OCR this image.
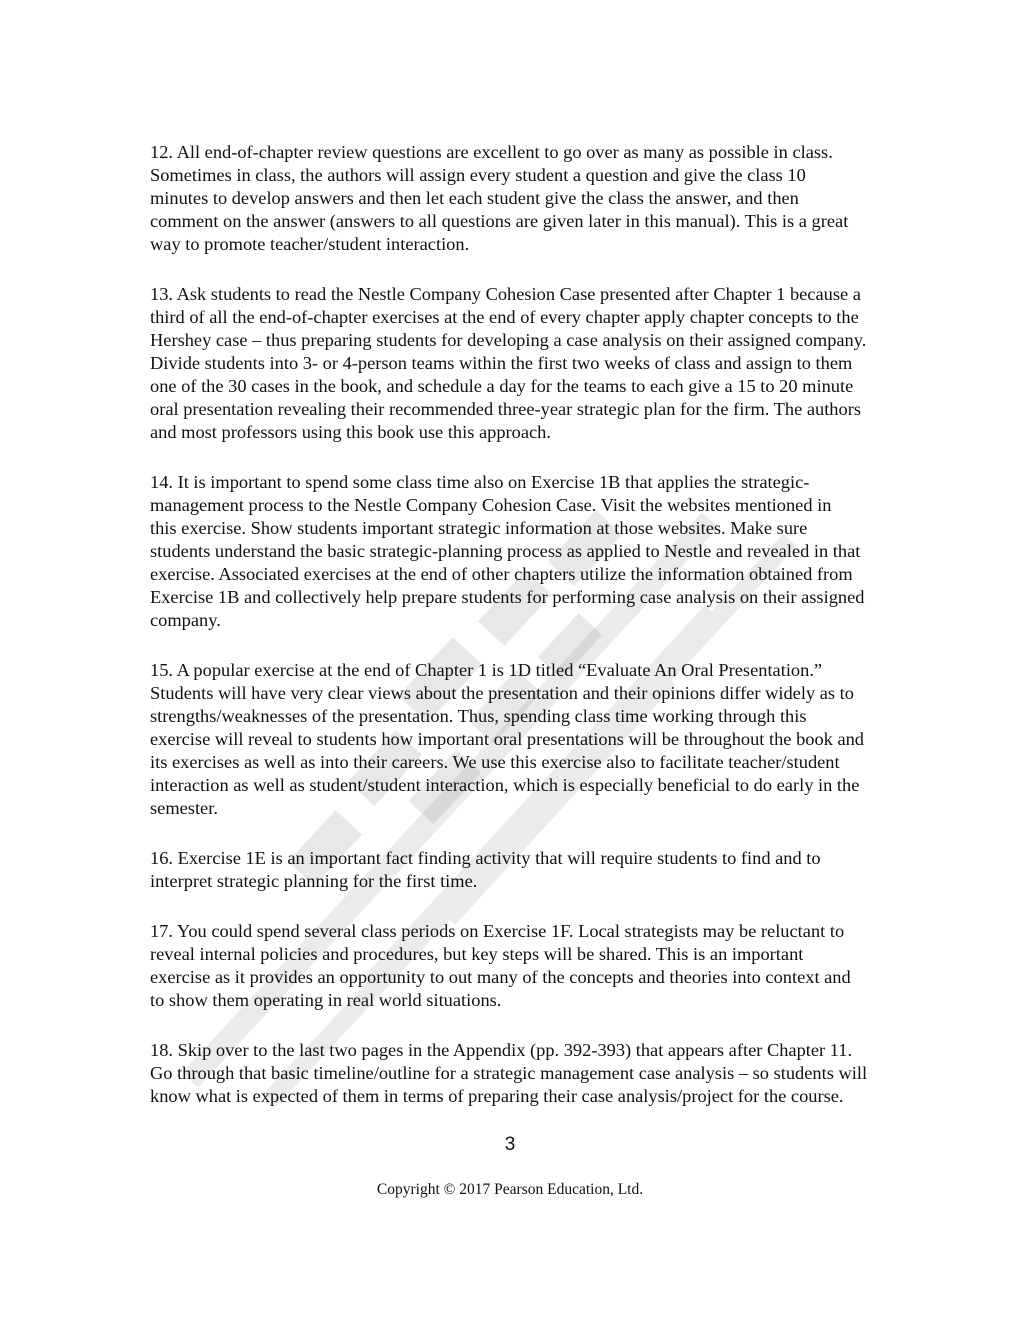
12. All end-of-chapter review questions are excellent to go over as many as possible in class.
Sometimes in class, the authors will assign every student a question and give the class 10
minutes to develop answers and then let each student give the class the answer, and then
comment on the answer (answers to all questions are given later in this manual). This is a great
way to promote teacher/student interaction.
13. Ask students to read the Nestle Company Cohesion Case presented after Chapter 1 because a
third of all the end-of-chapter exercises at the end of every chapter apply chapter concepts to the
Hershey case – thus preparing students for developing a case analysis on their assigned company.
Divide students into 3- or 4-person teams within the first two weeks of class and assign to them
one of the 30 cases in the book, and schedule a day for the teams to each give a 15 to 20 minute
oral presentation revealing their recommended three-year strategic plan for the firm. The authors
and most professors using this book use this approach.
14. It is important to spend some class time also on Exercise 1B that applies the strategic-
management process to the Nestle Company Cohesion Case. Visit the websites mentioned in
this exercise. Show students important strategic information at those websites. Make sure
students understand the basic strategic-planning process as applied to Nestle and revealed in that
exercise. Associated exercises at the end of other chapters utilize the information obtained from
Exercise 1B and collectively help prepare students for performing case analysis on their assigned
company.
15. A popular exercise at the end of Chapter 1 is 1D titled “Evaluate An Oral Presentation.”
Students will have very clear views about the presentation and their opinions differ widely as to
strengths/weaknesses of the presentation. Thus, spending class time working through this
exercise will reveal to students how important oral presentations will be throughout the book and
its exercises as well as into their careers. We use this exercise also to facilitate teacher/student
interaction as well as student/student interaction, which is especially beneficial to do early in the
semester.
16. Exercise 1E is an important fact finding activity that will require students to find and to
interpret strategic planning for the first time.
17. You could spend several class periods on Exercise 1F. Local strategists may be reluctant to
reveal internal policies and procedures, but key steps will be shared. This is an important
exercise as it provides an opportunity to out many of the concepts and theories into context and
to show them operating in real world situations.
18. Skip over to the last two pages in the Appendix (pp. 392-393) that appears after Chapter 11.
Go through that basic timeline/outline for a strategic management case analysis – so students will
know what is expected of them in terms of preparing their case analysis/project for the course.
3
Copyright © 2017 Pearson Education, Ltd.
